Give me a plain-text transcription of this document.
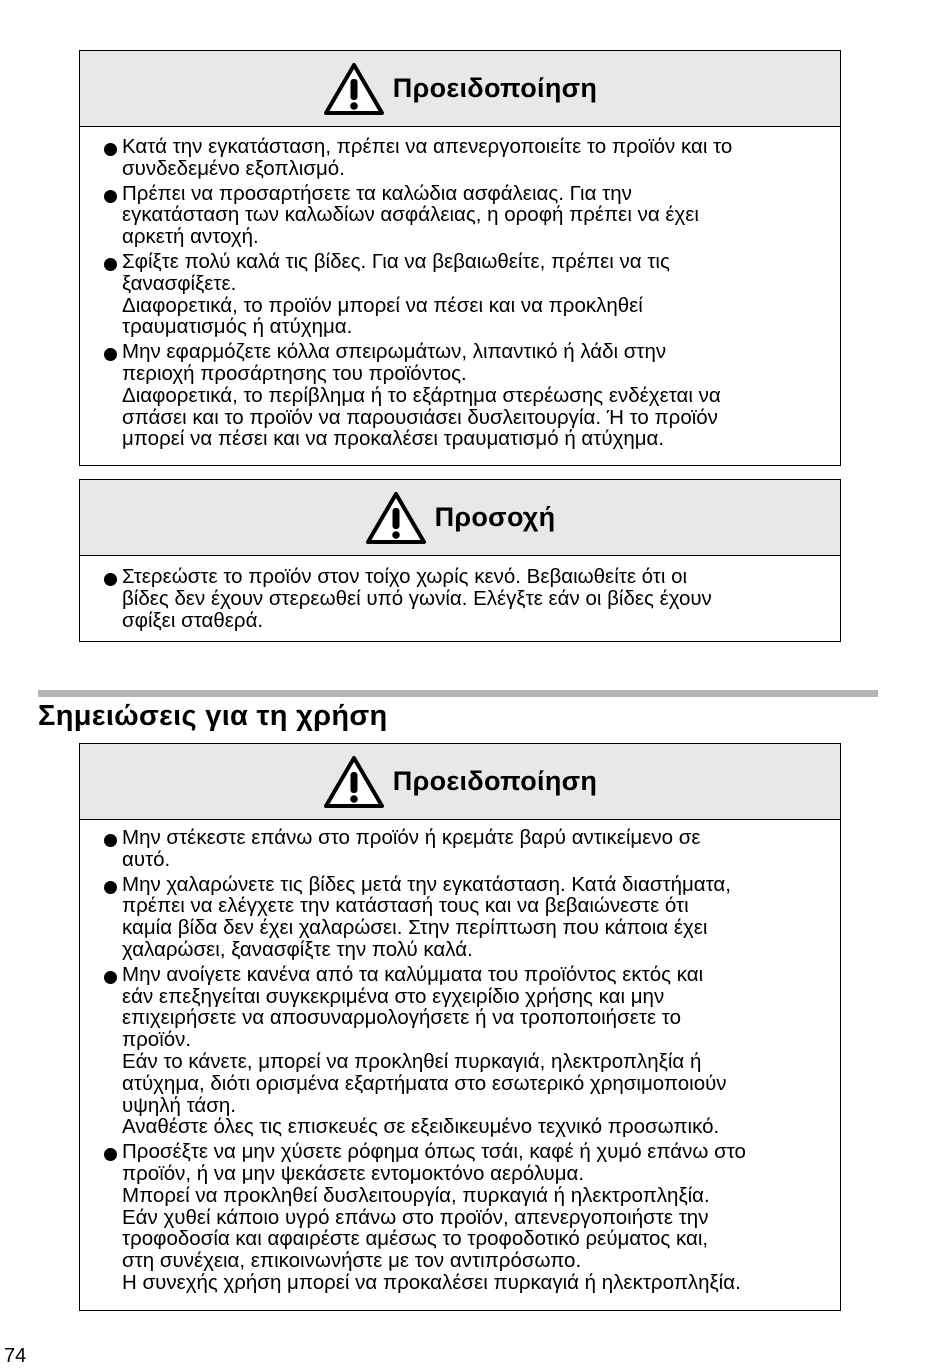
Προειδοποίηση
Κατά την εγκατάσταση, πρέπει να απενεργοποιείτε το προϊόν και το
συνδεδεμένο εξοπλισμό.
Πρέπει να προσαρτήσετε τα καλώδια ασφάλειας. Για την
εγκατάσταση των καλωδίων ασφάλειας, η οροφή πρέπει να έχει
αρκετή αντοχή.
Σφίξτε πολύ καλά τις βίδες. Για να βεβαιωθείτε, πρέπει να τις
ξανασφίξετε.
Διαφορετικά, το προϊόν μπορεί να πέσει και να προκληθεί
τραυματισμός ή ατύχημα.
Μην εφαρμόζετε κόλλα σπειρωμάτων, λιπαντικό ή λάδι στην
περιοχή προσάρτησης του προϊόντος.
Διαφορετικά, το περίβλημα ή το εξάρτημα στερέωσης ενδέχεται να
σπάσει και το προϊόν να παρουσιάσει δυσλειτουργία. Ή το προϊόν
μπορεί να πέσει και να προκαλέσει τραυματισμό ή ατύχημα.
Προσοχή
Στερεώστε το προϊόν στον τοίχο χωρίς κενό. Βεβαιωθείτε ότι οι
βίδες δεν έχουν στερεωθεί υπό γωνία. Ελέγξτε εάν οι βίδες έχουν
σφίξει σταθερά.
Σημειώσεις για τη χρήση
Προειδοποίηση
Μην στέκεστε επάνω στο προϊόν ή κρεμάτε βαρύ αντικείμενο σε
αυτό.
Μην χαλαρώνετε τις βίδες μετά την εγκατάσταση. Κατά διαστήματα,
πρέπει να ελέγχετε την κατάστασή τους και να βεβαιώνεστε ότι
καμία βίδα δεν έχει χαλαρώσει. Στην περίπτωση που κάποια έχει
χαλαρώσει, ξανασφίξτε την πολύ καλά.
Μην ανοίγετε κανένα από τα καλύμματα του προϊόντος εκτός και
εάν επεξηγείται συγκεκριμένα στο εγχειρίδιο χρήσης και μην
επιχειρήσετε να αποσυναρμολογήσετε ή να τροποποιήσετε το
προϊόν.
Εάν το κάνετε, μπορεί να προκληθεί πυρκαγιά, ηλεκτροπληξία ή
ατύχημα, διότι ορισμένα εξαρτήματα στο εσωτερικό χρησιμοποιούν
υψηλή τάση.
Αναθέστε όλες τις επισκευές σε εξειδικευμένο τεχνικό προσωπικό.
Προσέξτε να μην χύσετε ρόφημα όπως τσάι, καφέ ή χυμό επάνω στο
προϊόν, ή να μην ψεκάσετε εντομοκτόνο αερόλυμα.
Μπορεί να προκληθεί δυσλειτουργία, πυρκαγιά ή ηλεκτροπληξία.
Εάν χυθεί κάποιο υγρό επάνω στο προϊόν, απενεργοποιήστε την
τροφοδοσία και αφαιρέστε αμέσως το τροφοδοτικό ρεύματος και,
στη συνέχεια, επικοινωνήστε με τον αντιπρόσωπο.
Η συνεχής χρήση μπορεί να προκαλέσει πυρκαγιά ή ηλεκτροπληξία.
74
